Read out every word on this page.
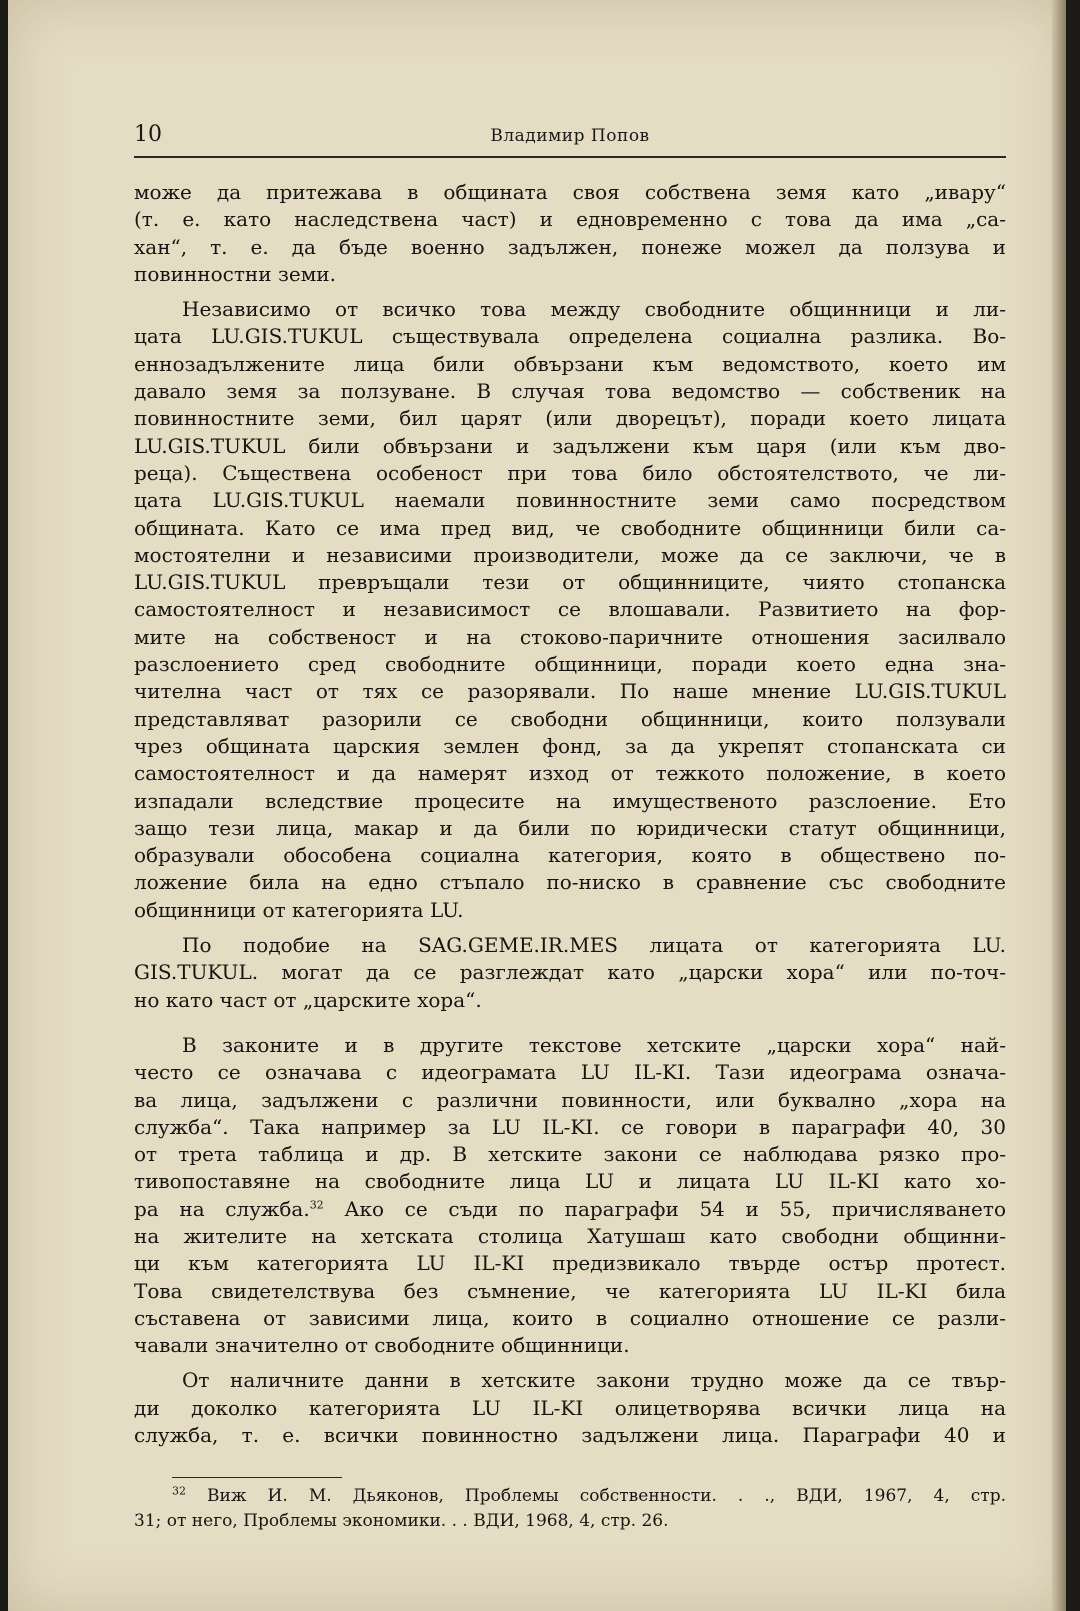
10	Владимир Попов

може да притежава в общината своя собствена земя като „ивару“
(т. е. като наследствена част) и едновременно с това да има „са-
хан“, т. е. да бъде военно задължен, понеже можел да ползува и
повинностни земи.

Независимо от всичко това между свободните общинници и ли-
цата LU.GIS.TUKUL съществувала определена социална разлика. Во-
еннозадължените лица били обвързани към ведомството, което им
давало земя за ползуване. В случая това ведомство — собственик на
повинностните земи, бил царят (или дворецът), поради което лицата
LU.GIS.TUKUL били обвързани и задължени към царя (или към дво-
реца). Съществена особеност при това било обстоятелството, че ли-
цата LU.GIS.TUKUL наемали повинностните земи само посредством
общината. Като се има пред вид, че свободните общинници били са-
мостоятелни и независими производители, може да се заключи, че в
LU.GIS.TUKUL превръщали тези от общинниците, чиято стопанска
самостоятелност и независимост се влошавали. Развитието на фор-
мите на собственост и на стоково-паричните отношения засилвало
разслоението сред свободните общинници, поради което една зна-
чителна част от тях се разорявали. По наше мнение LU.GIS.TUKUL
представляват разорили се свободни общинници, които ползували
чрез общината царския землен фонд, за да укрепят стопанската си
самостоятелност и да намерят изход от тежкото положение, в което
изпадали вследствие процесите на имущественото разслоение. Ето
защо тези лица, макар и да били по юридически статут общинници,
образували обособена социална категория, която в обществено по-
ложение била на едно стъпало по-ниско в сравнение със свободните
общинници от категорията LU.

По подобие на SAG.GEME.IR.MES лицата от категорията LU.
GIS.TUKUL. могат да се разглеждат като „царски хора“ или по-точ-
но като част от „царските хора“.

В законите и в другите текстове хетските „царски хора“ най-
често се означава с идеограмата LU IL-KI. Тази идеограма означа-
ва лица, задължени с различни повинности, или буквално „хора на
служба“. Така например за LU IL-KI. се говори в параграфи 40, 30
от трета таблица и др. В хетските закони се наблюдава рязко про-
тивопоставяне на свободните лица LU и лицата LU IL-KI като хо-
ра на служба.$^{32}$ Ако се съди по параграфи 54 и 55, причисляването
на жителите на хетската столица Хатушаш като свободни общинни-
ци към категорията LU IL-KI предизвикало твърде остър протест.
Това свидетелствува без съмнение, че категорията LU IL-KI била
съставена от зависими лица, които в социално отношение се разли-
чавали значително от свободните общинници.

От наличните данни в хетските закони трудно може да се твър-
ди доколко категорията LU IL-KI олицетворява всички лица на
служба, т. е. всички повинностно задължени лица. Параграфи 40 и

$^{32}$ Виж И. М. Дьяконов, Проблемы собственности. . ., ВДИ, 1967, 4, стр.
31; от него, Проблемы экономики. . . ВДИ, 1968, 4, стр. 26.
